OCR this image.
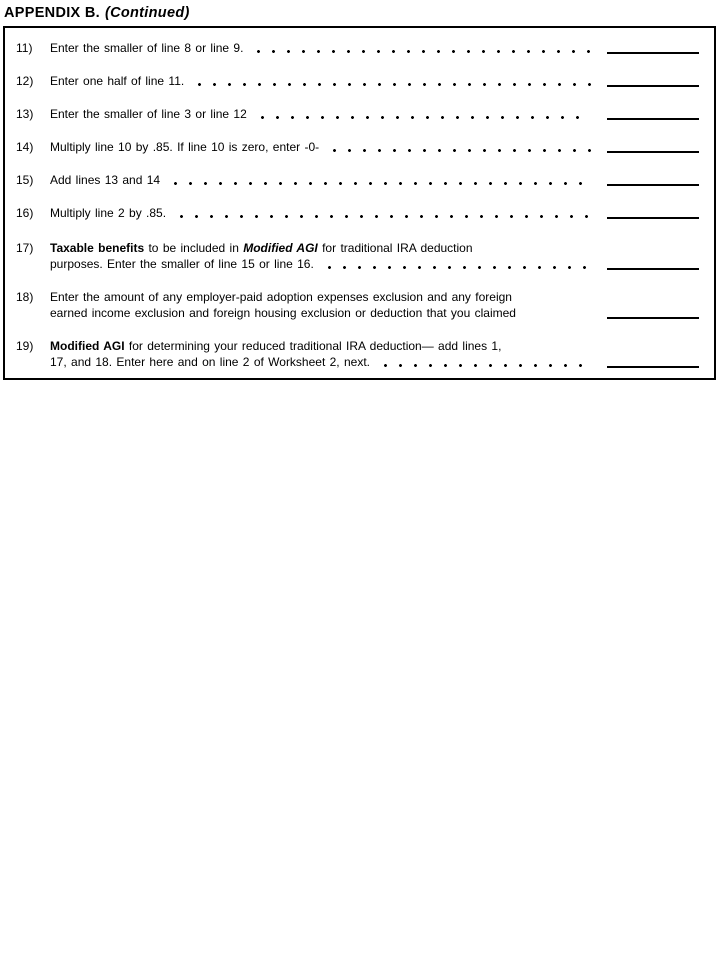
APPENDIX B. (Continued)
11)	Enter the smaller of line 8 or line 9.
12)	Enter one half of line 11.
13)	Enter the smaller of line 3 or line 12
14)	Multiply line 10 by .85. If line 10 is zero, enter -0-
15)	Add lines 13 and 14
16)	Multiply line 2 by .85.
17)	Taxable benefits to be included in Modified AGI for traditional IRA deduction
purposes. Enter the smaller of line 15 or line 16.
18)	Enter the amount of any employer-paid adoption expenses exclusion and any foreign
earned income exclusion and foreign housing exclusion or deduction that you claimed
19)	Modified AGI for determining your reduced traditional IRA deduction— add lines 1,
17, and 18. Enter here and on line 2 of Worksheet 2, next.
